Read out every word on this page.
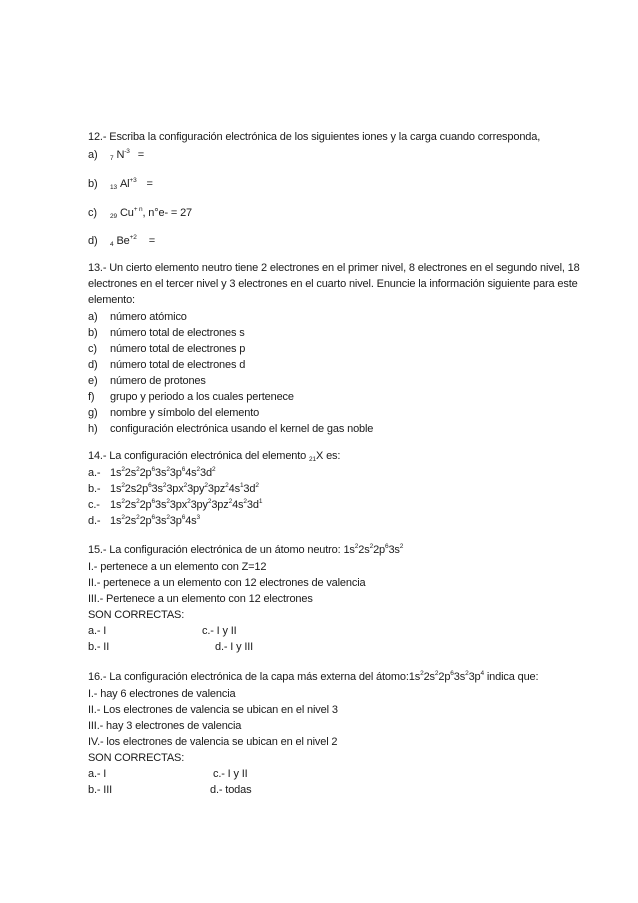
12.- Escriba la configuración electrónica de los siguientes iones y la carga cuando corresponda,
a) 7 $N^{-3}$ =
b) 13 $Al^{+3}$ =
c) 29 $Cu^{+ n}$, n°e- = 27
d) 4 $Be^{+2}$ =
13.- Un cierto elemento neutro tiene 2 electrones en el primer nivel, 8 electrones en el segundo nivel, 18
electrones en el tercer nivel y 3 electrones en el cuarto nivel. Enuncie la información siguiente para este
elemento:
a) número atómico
b) número total de electrones s
c) número total de electrones p
d) número total de electrones d
e) número de protones
f) grupo y periodo a los cuales pertenece
g) nombre y símbolo del elemento
h) configuración electrónica usando el kernel de gas noble
14.- La configuración electrónica del elemento $_{21}$X es:
a.- $1s^22s^22p^63s^23p^64s^23d^2$
b.- $1s^22s2p^63s^23px^23py^23pz^24s^13d^2$
c.- $1s^22s^22p^63s^23px^23py^23pz^24s^23d^1$
d.- $1s^22s^22p^63s^23p^64s^3$
15.- La configuración electrónica de un átomo neutro: $1s^22s^22p^63s^2$
I.- pertenece a un elemento con Z=12
II.- pertenece a un elemento con 12 electrones de valencia
III.- Pertenece a un elemento con 12 electrones
SON CORRECTAS:
a.- I	c.- I y II
b.- II	d.- I y III
16.- La configuración electrónica de la capa más externa del $átomo:1s^22s^22p^63s^23p^4$ indica que:
I.- hay 6 electrones de valencia
II.- Los electrones de valencia se ubican en el nivel 3
III.- hay 3 electrones de valencia
IV.- los electrones de valencia se ubican en el nivel 2
SON CORRECTAS:
a.- I	c.- I y II
b.- III	d.- todas
